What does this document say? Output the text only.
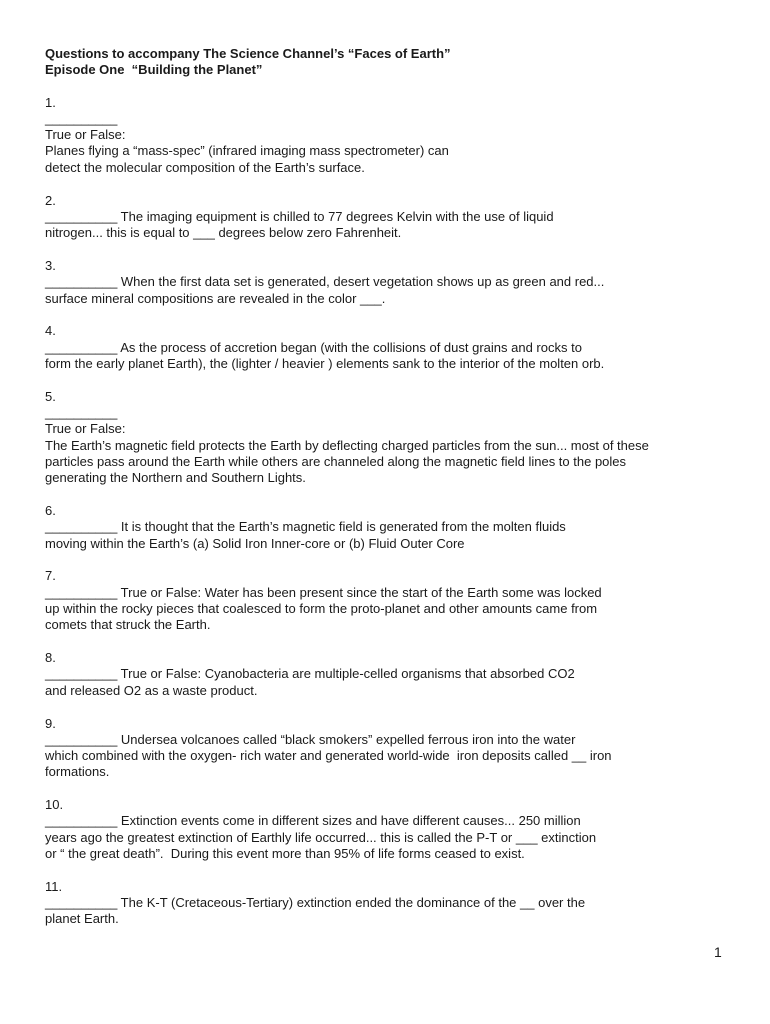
Questions to accompany The Science Channel’s “Faces of Earth”
Episode One  “Building the Planet”
1.
__________
True or False:
Planes flying a “mass-spec” (infrared imaging mass spectrometer) can
detect the molecular composition of the Earth’s surface.
2.
__________ The imaging equipment is chilled to 77 degrees Kelvin with the use of liquid
nitrogen... this is equal to ___ degrees below zero Fahrenheit.
3.
__________ When the first data set is generated, desert vegetation shows up as green and red...
surface mineral compositions are revealed in the color ___.
4.
__________ As the process of accretion began (with the collisions of dust grains and rocks to
form the early planet Earth), the (lighter / heavier ) elements sank to the interior of the molten orb.
5.
__________
True or False:
The Earth’s magnetic field protects the Earth by deflecting charged particles from the sun... most of these
particles pass around the Earth while others are channeled along the magnetic field lines to the poles
generating the Northern and Southern Lights.
6.
__________ It is thought that the Earth’s magnetic field is generated from the molten fluids
moving within the Earth’s (a) Solid Iron Inner-core or (b) Fluid Outer Core
7.
__________ True or False: Water has been present since the start of the Earth some was locked
up within the rocky pieces that coalesced to form the proto-planet and other amounts came from
comets that struck the Earth.
8.
__________ True or False: Cyanobacteria are multiple-celled organisms that absorbed CO2
and released O2 as a waste product.
9.
__________ Undersea volcanoes called “black smokers” expelled ferrous iron into the water
which combined with the oxygen- rich water and generated world-wide  iron deposits called __ iron
formations.
10.
__________ Extinction events come in different sizes and have different causes... 250 million
years ago the greatest extinction of Earthly life occurred... this is called the P-T or ___ extinction
or “ the great death”.  During this event more than 95% of life forms ceased to exist.
11.
__________ The K-T (Cretaceous-Tertiary) extinction ended the dominance of the __ over the
planet Earth.
1
